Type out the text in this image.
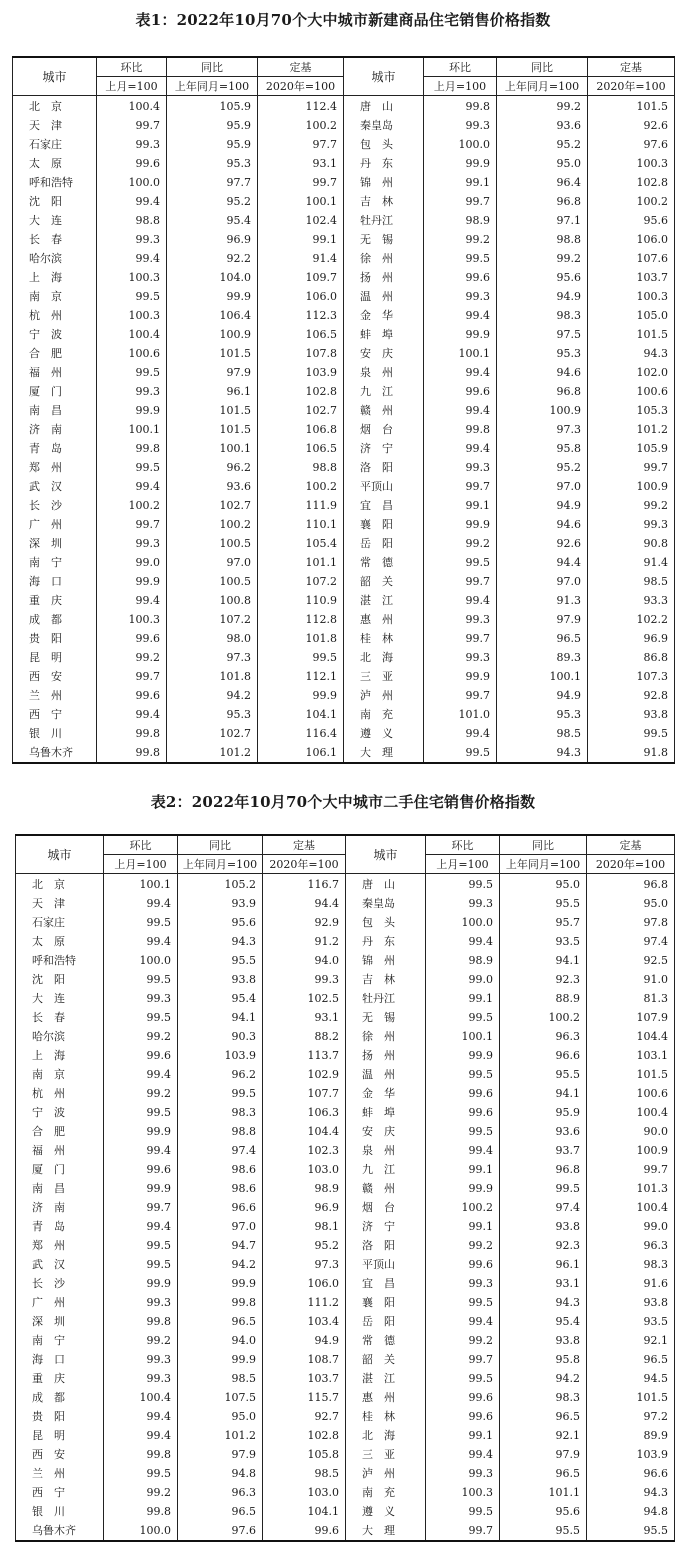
表1：2022年10月70个大中城市新建商品住宅销售价格指数
城市	环比	同比	定基	城市	环比	同比	定基
	上月=100	上年同月=100	2020年=100		上月=100	上年同月=100	2020年=100
北　京	100.4	105.9	112.4	唐　山	99.8	99.2	101.5
天　津	99.7	95.9	100.2	秦皇岛	99.3	93.6	92.6
石家庄	99.3	95.9	97.7	包　头	100.0	95.2	97.6
太　原	99.6	95.3	93.1	丹　东	99.9	95.0	100.3
呼和浩特	100.0	97.7	99.7	锦　州	99.1	96.4	102.8
沈　阳	99.4	95.2	100.1	吉　林	99.7	96.8	100.2
大　连	98.8	95.4	102.4	牡丹江	98.9	97.1	95.6
长　春	99.3	96.9	99.1	无　锡	99.2	98.8	106.0
哈尔滨	99.4	92.2	91.4	徐　州	99.5	99.2	107.6
上　海	100.3	104.0	109.7	扬　州	99.6	95.6	103.7
南　京	99.5	99.9	106.0	温　州	99.3	94.9	100.3
杭　州	100.3	106.4	112.3	金　华	99.4	98.3	105.0
宁　波	100.4	100.9	106.5	蚌　埠	99.9	97.5	101.5
合　肥	100.6	101.5	107.8	安　庆	100.1	95.3	94.3
福　州	99.5	97.9	103.9	泉　州	99.4	94.6	102.0
厦　门	99.3	96.1	102.8	九　江	99.6	96.8	100.6
南　昌	99.9	101.5	102.7	赣　州	99.4	100.9	105.3
济　南	100.1	101.5	106.8	烟　台	99.8	97.3	101.2
青　岛	99.8	100.1	106.5	济　宁	99.4	95.8	105.9
郑　州	99.5	96.2	98.8	洛　阳	99.3	95.2	99.7
武　汉	99.4	93.6	100.2	平顶山	99.7	97.0	100.9
长　沙	100.2	102.7	111.9	宜　昌	99.1	94.9	99.2
广　州	99.7	100.2	110.1	襄　阳	99.9	94.6	99.3
深　圳	99.3	100.5	105.4	岳　阳	99.2	92.6	90.8
南　宁	99.0	97.0	101.1	常　德	99.5	94.4	91.4
海　口	99.9	100.5	107.2	韶　关	99.7	97.0	98.5
重　庆	99.4	100.8	110.9	湛　江	99.4	91.3	93.3
成　都	100.3	107.2	112.8	惠　州	99.3	97.9	102.2
贵　阳	99.6	98.0	101.8	桂　林	99.7	96.5	96.9
昆　明	99.2	97.3	99.5	北　海	99.3	89.3	86.8
西　安	99.7	101.8	112.1	三　亚	99.9	100.1	107.3
兰　州	99.6	94.2	99.9	泸　州	99.7	94.9	92.8
西　宁	99.4	95.3	104.1	南　充	101.0	95.3	93.8
银　川	99.8	102.7	116.4	遵　义	99.4	98.5	99.5
乌鲁木齐	99.8	101.2	106.1	大　理	99.5	94.3	91.8
表2：2022年10月70个大中城市二手住宅销售价格指数
城市	环比	同比	定基	城市	环比	同比	定基
	上月=100	上年同月=100	2020年=100		上月=100	上年同月=100	2020年=100
北　京	100.1	105.2	116.7	唐　山	99.5	95.0	96.8
天　津	99.4	93.9	94.4	秦皇岛	99.3	95.5	95.0
石家庄	99.5	95.6	92.9	包　头	100.0	95.7	97.8
太　原	99.4	94.3	91.2	丹　东	99.4	93.5	97.4
呼和浩特	100.0	95.5	94.0	锦　州	98.9	94.1	92.5
沈　阳	99.5	93.8	99.3	吉　林	99.0	92.3	91.0
大　连	99.3	95.4	102.5	牡丹江	99.1	88.9	81.3
长　春	99.5	94.1	93.1	无　锡	99.5	100.2	107.9
哈尔滨	99.2	90.3	88.2	徐　州	100.1	96.3	104.4
上　海	99.6	103.9	113.7	扬　州	99.9	96.6	103.1
南　京	99.4	96.2	102.9	温　州	99.5	95.5	101.5
杭　州	99.2	99.5	107.7	金　华	99.6	94.1	100.6
宁　波	99.5	98.3	106.3	蚌　埠	99.6	95.9	100.4
合　肥	99.9	98.8	104.4	安　庆	99.5	93.6	90.0
福　州	99.4	97.4	102.3	泉　州	99.4	93.7	100.9
厦　门	99.6	98.6	103.0	九　江	99.1	96.8	99.7
南　昌	99.9	98.6	98.9	赣　州	99.9	99.5	101.3
济　南	99.7	96.6	96.9	烟　台	100.2	97.4	100.4
青　岛	99.4	97.0	98.1	济　宁	99.1	93.8	99.0
郑　州	99.5	94.7	95.2	洛　阳	99.2	92.3	96.3
武　汉	99.5	94.2	97.3	平顶山	99.6	96.1	98.3
长　沙	99.9	99.9	106.0	宜　昌	99.3	93.1	91.6
广　州	99.3	99.8	111.2	襄　阳	99.5	94.3	93.8
深　圳	99.8	96.5	103.4	岳　阳	99.4	95.4	93.5
南　宁	99.2	94.0	94.9	常　德	99.2	93.8	92.1
海　口	99.3	99.9	108.7	韶　关	99.7	95.8	96.5
重　庆	99.3	98.5	103.7	湛　江	99.5	94.2	94.5
成　都	100.4	107.5	115.7	惠　州	99.6	98.3	101.5
贵　阳	99.4	95.0	92.7	桂　林	99.6	96.5	97.2
昆　明	99.4	101.2	102.8	北　海	99.1	92.1	89.9
西　安	99.8	97.9	105.8	三　亚	99.4	97.9	103.9
兰　州	99.5	94.8	98.5	泸　州	99.3	96.5	96.6
西　宁	99.2	96.3	103.0	南　充	100.3	101.1	94.3
银　川	99.8	96.5	104.1	遵　义	99.5	95.6	94.8
乌鲁木齐	100.0	97.6	99.6	大　理	99.7	95.5	95.5
